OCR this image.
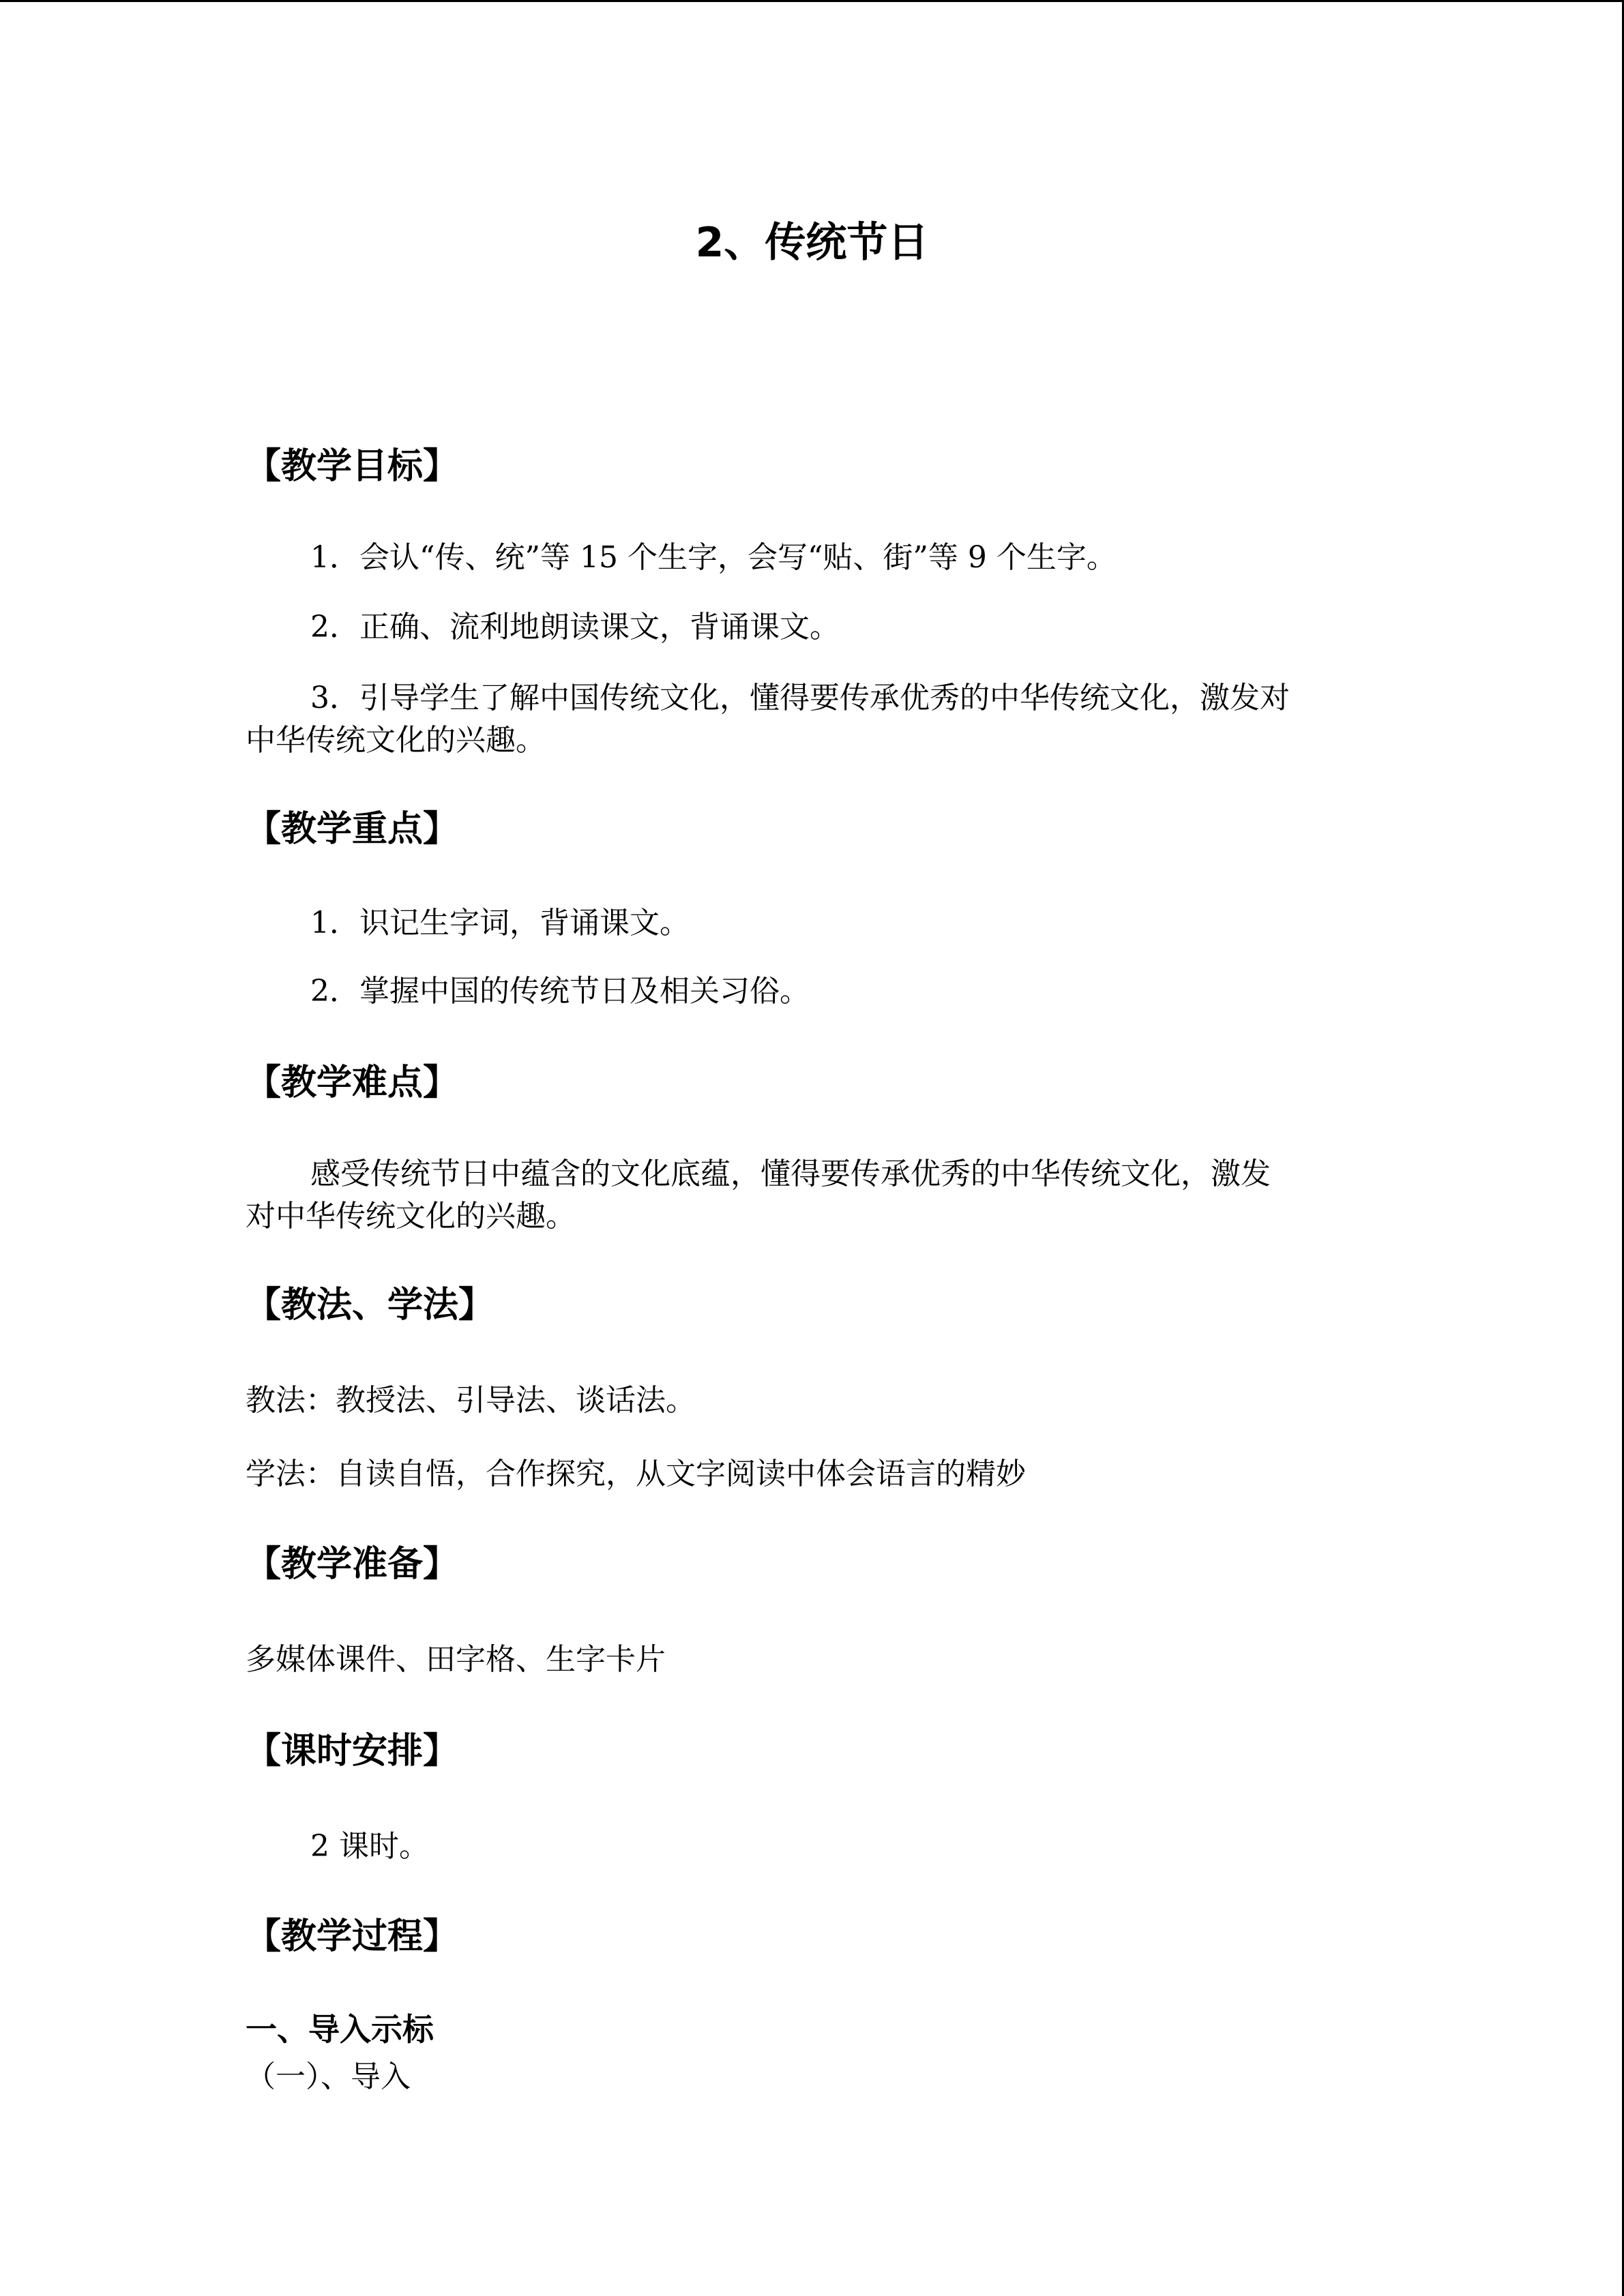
2、传统节日
【教学目标】
1．会认“传、统”等 15 个生字，会写“贴、街”等 9 个生字。
2．正确、流利地朗读课文，背诵课文。
3．引导学生了解中国传统文化，懂得要传承优秀的中华传统文化，激发对
中华传统文化的兴趣。
【教学重点】
1．识记生字词，背诵课文。
2．掌握中国的传统节日及相关习俗。
【教学难点】
感受传统节日中蕴含的文化底蕴，懂得要传承优秀的中华传统文化，激发
对中华传统文化的兴趣。
【教法、学法】
教法：教授法、引导法、谈话法。
学法：自读自悟，合作探究，从文字阅读中体会语言的精妙
【教学准备】
多媒体课件、田字格、生字卡片
【课时安排】
2 课时。
【教学过程】
一、导入示标
（一）、导入
